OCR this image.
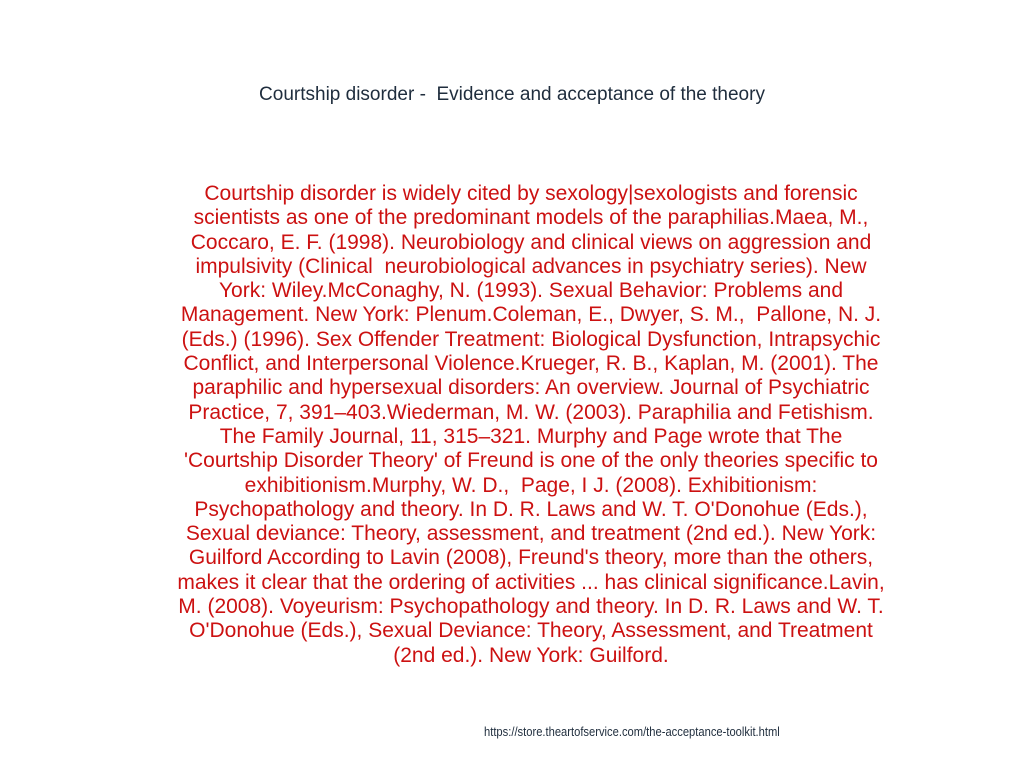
Courtship disorder -  Evidence and acceptance of the theory
Courtship disorder is widely cited by sexology|sexologists and forensic
scientists as one of the predominant models of the paraphilias.Maea, M.,
Coccaro, E. F. (1998). Neurobiology and clinical views on aggression and
impulsivity (Clinical  neurobiological advances in psychiatry series). New
York: Wiley.McConaghy, N. (1993). Sexual Behavior: Problems and
Management. New York: Plenum.Coleman, E., Dwyer, S. M.,  Pallone, N. J.
(Eds.) (1996). Sex Offender Treatment: Biological Dysfunction, Intrapsychic
Conflict, and Interpersonal Violence.Krueger, R. B., Kaplan, M. (2001). The
paraphilic and hypersexual disorders: An overview. Journal of Psychiatric
Practice, 7, 391–403.Wiederman, M. W. (2003). Paraphilia and Fetishism.
The Family Journal, 11, 315–321. Murphy and Page wrote that The
'Courtship Disorder Theory' of Freund is one of the only theories specific to
exhibitionism.Murphy, W. D.,  Page, I J. (2008). Exhibitionism:
Psychopathology and theory. In D. R. Laws and W. T. O'Donohue (Eds.),
Sexual deviance: Theory, assessment, and treatment (2nd ed.). New York:
Guilford According to Lavin (2008), Freund's theory, more than the others,
makes it clear that the ordering of activities ... has clinical significance.Lavin,
M. (2008). Voyeurism: Psychopathology and theory. In D. R. Laws and W. T.
O'Donohue (Eds.), Sexual Deviance: Theory, Assessment, and Treatment
(2nd ed.). New York: Guilford.
https://store.theartofservice.com/the-acceptance-toolkit.html
